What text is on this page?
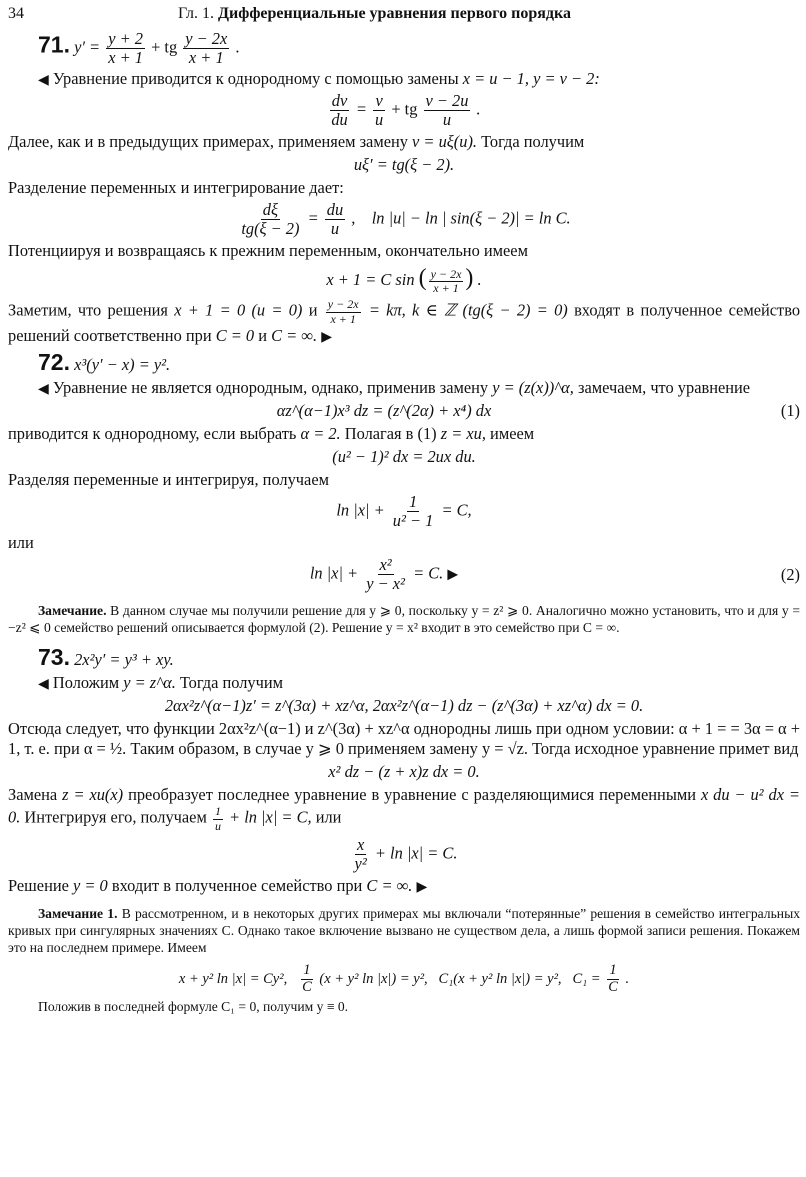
34	Гл. 1. Дифференциальные уравнения первого порядка
71. $y' = \frac{y + 2}{x + 1}$ + tg $\frac{y - 2x}{x + 1}$ .

◀ Уравнение приводится к однородному с помощью замены x = u − 1, y = v − 2:

$\frac{dv}{du} = \frac{v}{u}$ + tg $\frac{v - 2u}{u}$ .

Далее, как и в предыдущих примерах, применяем замену v = uξ(u). Тогда получим

uξ′ = tg(ξ − 2).

Разделение переменных и интегрирование дает:

$\frac{d\xi}{tg(\xi - 2)} = \frac{du}{u}$ ,    ln |u| − ln | sin(ξ − 2)| = ln C.

Потенциируя и возвращаясь к прежним переменным, окончательно имеем

x + 1 = C sin ( $\frac{y - 2x}{x + 1}$ ) .

Заметим, что решения x + 1 = 0 (u = 0) и $\frac{y - 2x}{x + 1} = k\pi$, k ∈ ℤ (tg(ξ − 2) = 0) входят в полученное семейство решений соответственно при C = 0 и C = ∞. ▶

72. x³(y′ − x) = y².

◀ Уравнение не является однородным, однако, применив замену y = (z(x))^α, замечаем, что уравнение

αz^(α−1)x³ dz = (z^(2α) + x⁴) dx	(1)

приводится к однородному, если выбрать α = 2. Полагая в (1) z = xu, имеем

(u² − 1)² dx = 2ux du.

Разделяя переменные и интегрируя, получаем

$\ln |x| + \frac{1}{\text{u² − 1}} = C$,

или

$\ln |x| + \frac{\text{x²}}{\text{y − x²}} = C$. ▶	(2)

Замечание. В данном случае мы получили решение для y ⩾ 0, поскольку y = z² ⩾ 0. Аналогично можно установить, что и для y = −z² ⩽ 0 семейство решений описывается формулой (2). Решение y = x² входит в это семейство при C = ∞.

73. 2x²y′ = y³ + xy.

◀ Положим y = z^α. Тогда получим

2αx²z^(α−1)z′ = z^(3α) + xz^α, 2αx²z^(α−1) dz − (z^(3α) + xz^α) dx = 0.

Отсюда следует, что функции 2αx²z^(α−1) и z^(3α) + xz^α однородны лишь при одном условии: α + 1 = = 3α = α + 1, т. е. при α = ½. Таким образом, в случае y ⩾ 0 применяем замену y = √z. Тогда исходное уравнение примет вид

x² dz − (z + x)z dx = 0.

Замена z = xu(x) преобразует последнее уравнение в уравнение с разделяющимися переменными x du − u² dx = 0. Интегрируя его, получаем $\frac{1}{u} + \ln |x| = C$, или

$\frac{x}{\text{y²}} + \ln |x| = C$.

Решение y = 0 входит в полученное семейство при C = ∞. ▶

Замечание 1. В рассмотренном, и в некоторых других примерах мы включали “потерянные” решения в семейство интегральных кривых при сингулярных значениях C. Однако такое включение вызвано не существом дела, а лишь формой записи решения. Покажем это на последнем примере. Имеем

x + y² ln |x| = Cy², $\frac{1}{C} (x + y^2$ ln |x|) = y², C₁(x + y² ln |x|) = y², $C_1 = \frac{1}{C}$ .

Положив в последней формуле C₁ = 0, получим y ≡ 0.
